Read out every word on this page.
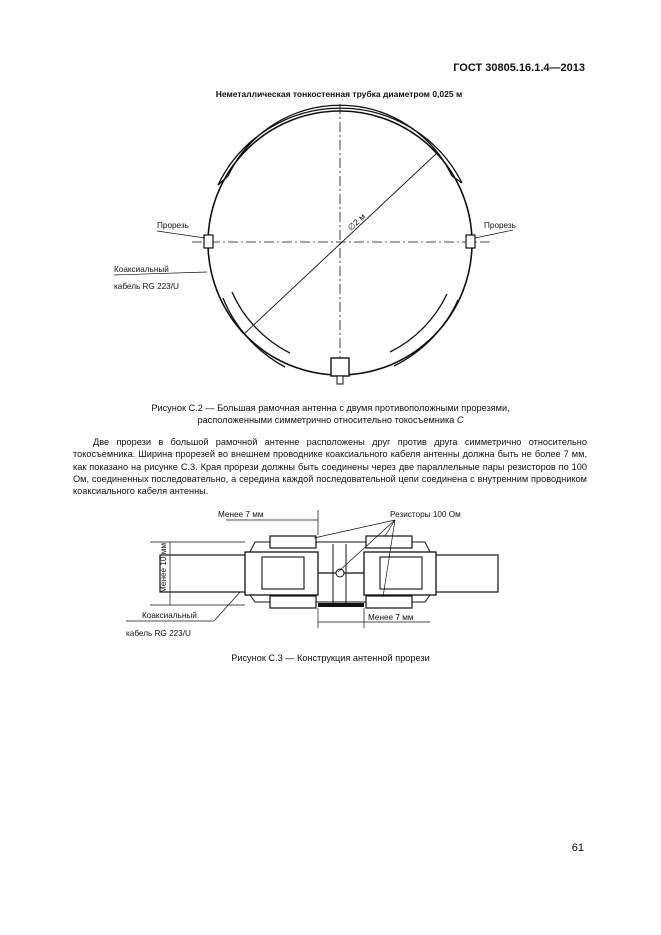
ГОСТ 30805.16.1.4—2013
Неметаллическая тонкостенная трубка диаметром 0,025 м
∅2 м
Прорезь	Прорезь
Коаксиальный
кабель RG 223/U
Рисунок С.2 — Большая рамочная антенна с двумя противоположными прорезями,
расположенными симметрично относительно токосъемника С

Две прорези в большой рамочной антенне расположены друг против друга симметрично относительно токосъемника. Ширина прорезей во внешнем проводнике коаксиального кабеля антенны должна быть не более 7 мм, как показано на рисунке С.3. Края прорези должны быть соединены через две параллельные пары резисторов по 100 Ом, соединенных последовательно, а середина каждой последовательной цепи соединена с внутренним проводником коаксиального кабеля антенны.

Менее 7 мм
Менее 7 мм
Менее 10 мм
Резисторы 100 Ом
Коаксиальный
кабель RG 223/U
Рисунок С.3 — Конструкция антенной прорези
61
